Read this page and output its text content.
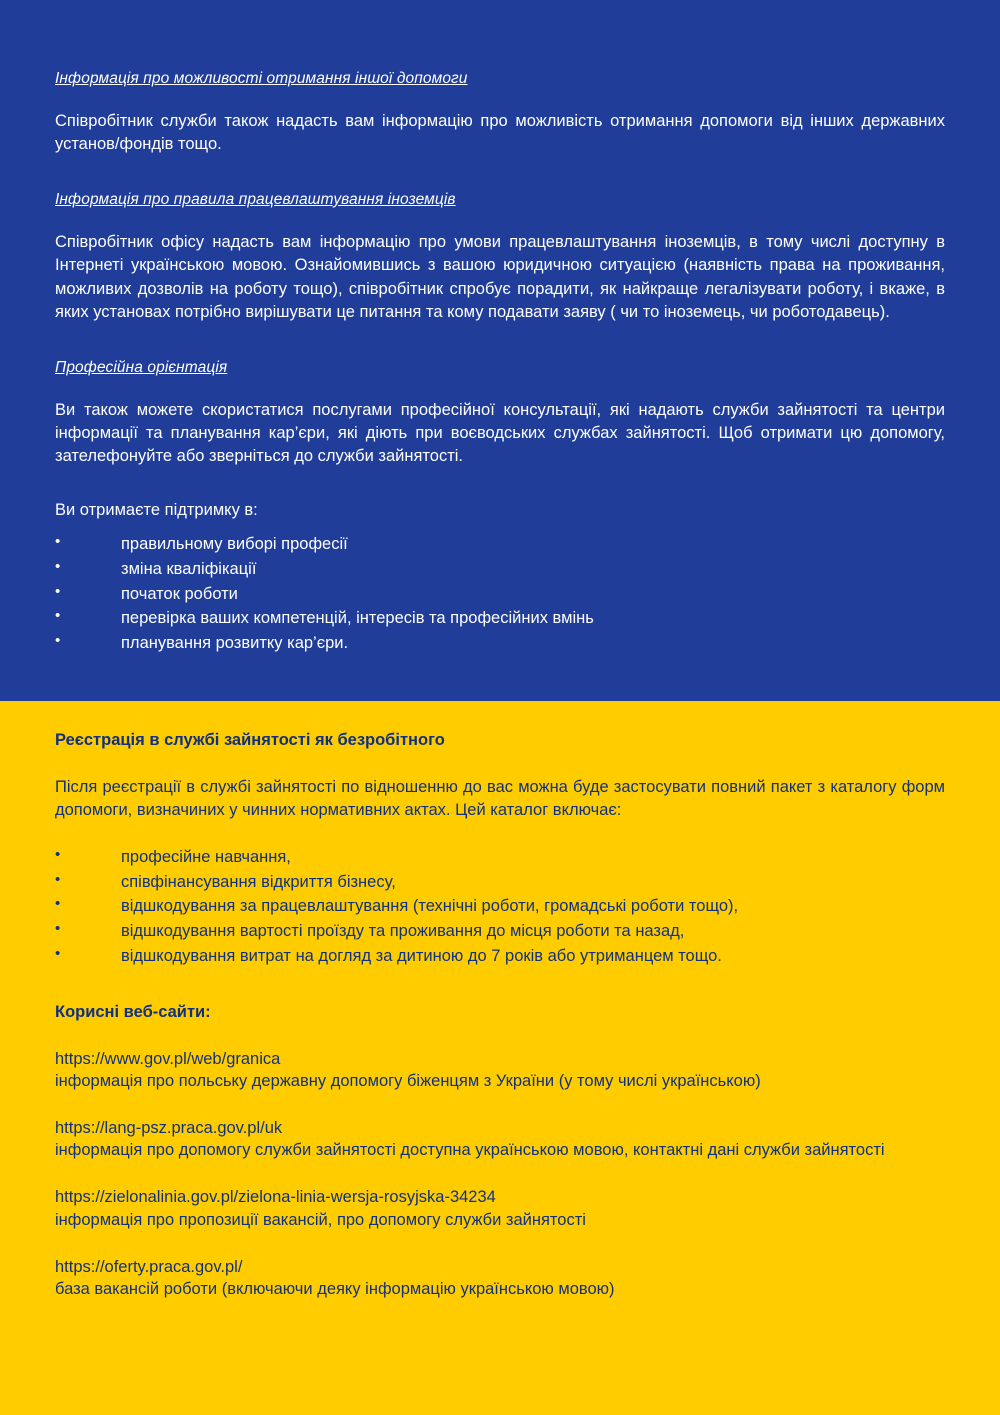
Інформація про можливості отримання іншої допомоги

Співробітник служби також надасть вам інформацію про можливість отримання допомоги від інших державних установ/фондів тощо.

Інформація про правила працевлаштування іноземців

Співробітник офісу надасть вам інформацію про умови працевлаштування іноземців, в тому числі доступну в Інтернеті українською мовою. Ознайомившись з вашою юридичною ситуацією (наявність права на проживання, можливих дозволів на роботу тощо), співробітник спробує порадити, як найкраще легалізувати роботу, і вкаже, в яких установах потрібно вирішувати це питання та кому подавати заяву ( чи то іноземець, чи роботодавець).

Професійна орієнтація

Ви також можете скористатися послугами професійної консультації, які надають служби зайнятості та центри інформації та планування кар’єри, які діють при воєводських службах зайнятості. Щоб отримати цю допомогу, зателефонуйте або зверніться до служби зайнятості.

Ви отримаєте підтримку в:
• правильному виборі професії
• зміна кваліфікації
• початок роботи
• перевірка ваших компетенцій, інтересів та професійних вмінь
• планування розвитку кар’єри.
Реєстрація в службі зайнятості як безробітного

Після реєстрації в службі зайнятості по відношенню до вас можна буде застосувати повний пакет з каталогу форм допомоги, визначиних у чинних нормативних актах. Цей каталог включає:

• професійне навчання,
• співфінансування відкриття бізнесу,
• відшкодування за працевлаштування (технічні роботи, громадські роботи тощо),
• відшкодування вартості проїзду та проживання до місця роботи та назад,
• відшкодування витрат на догляд за дитиною до 7 років або утриманцем тощо.
Корисні веб-сайти:
https://www.gov.pl/web/granica
інформація про польську державну допомогу біженцям з України (у тому числі українською)
https://lang-psz.praca.gov.pl/uk
інформація про допомогу служби зайнятості доступна українською мовою, контактні дані служби зайнятості
https://zielonalinia.gov.pl/zielona-linia-wersja-rosyjska-34234
інформація про пропозиції вакансій, про допомогу служби зайнятості
https://oferty.praca.gov.pl/
база вакансій роботи (включаючи деяку інформацію українською мовою)
